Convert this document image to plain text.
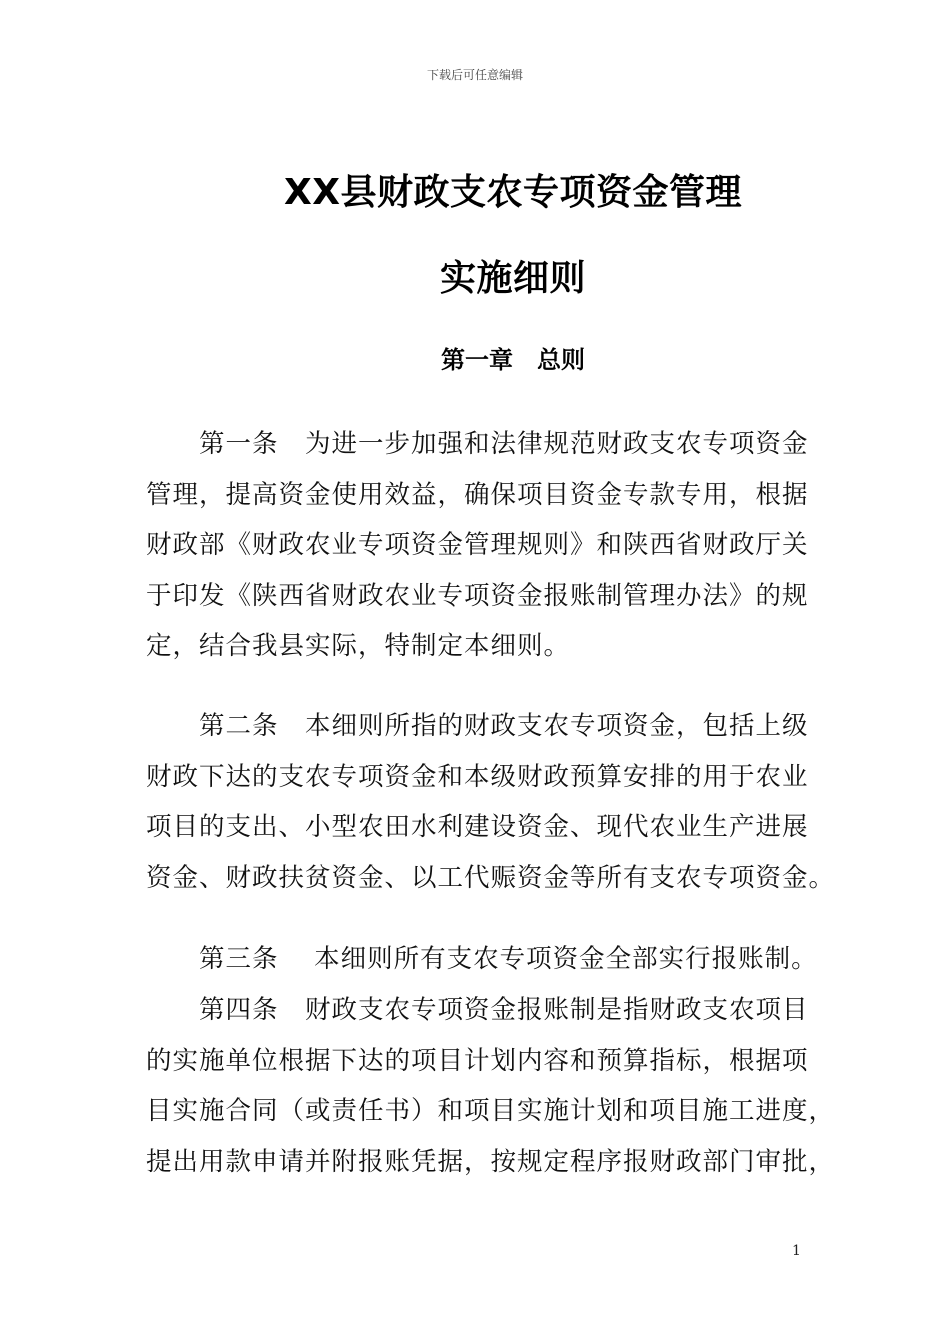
下载后可任意编辑
XX县财政支农专项资金管理
实施细则
第一章　总则
　　第一条　为进一步加强和法律规范财政支农专项资金
管理，提高资金使用效益，确保项目资金专款专用，根据
财政部《财政农业专项资金管理规则》和陕西省财政厅关
于印发《陕西省财政农业专项资金报账制管理办法》的规
定，结合我县实际，特制定本细则。
　　第二条　本细则所指的财政支农专项资金，包括上级
财政下达的支农专项资金和本级财政预算安排的用于农业
项目的支出、小型农田水利建设资金、现代农业生产进展
资金、财政扶贫资金、以工代赈资金等所有支农专项资金。
　　第三条　 本细则所有支农专项资金全部实行报账制。
　　第四条　财政支农专项资金报账制是指财政支农项目
的实施单位根据下达的项目计划内容和预算指标，根据项
目实施合同（或责任书）和项目实施计划和项目施工进度，
提出用款申请并附报账凭据，按规定程序报财政部门审批，
1
